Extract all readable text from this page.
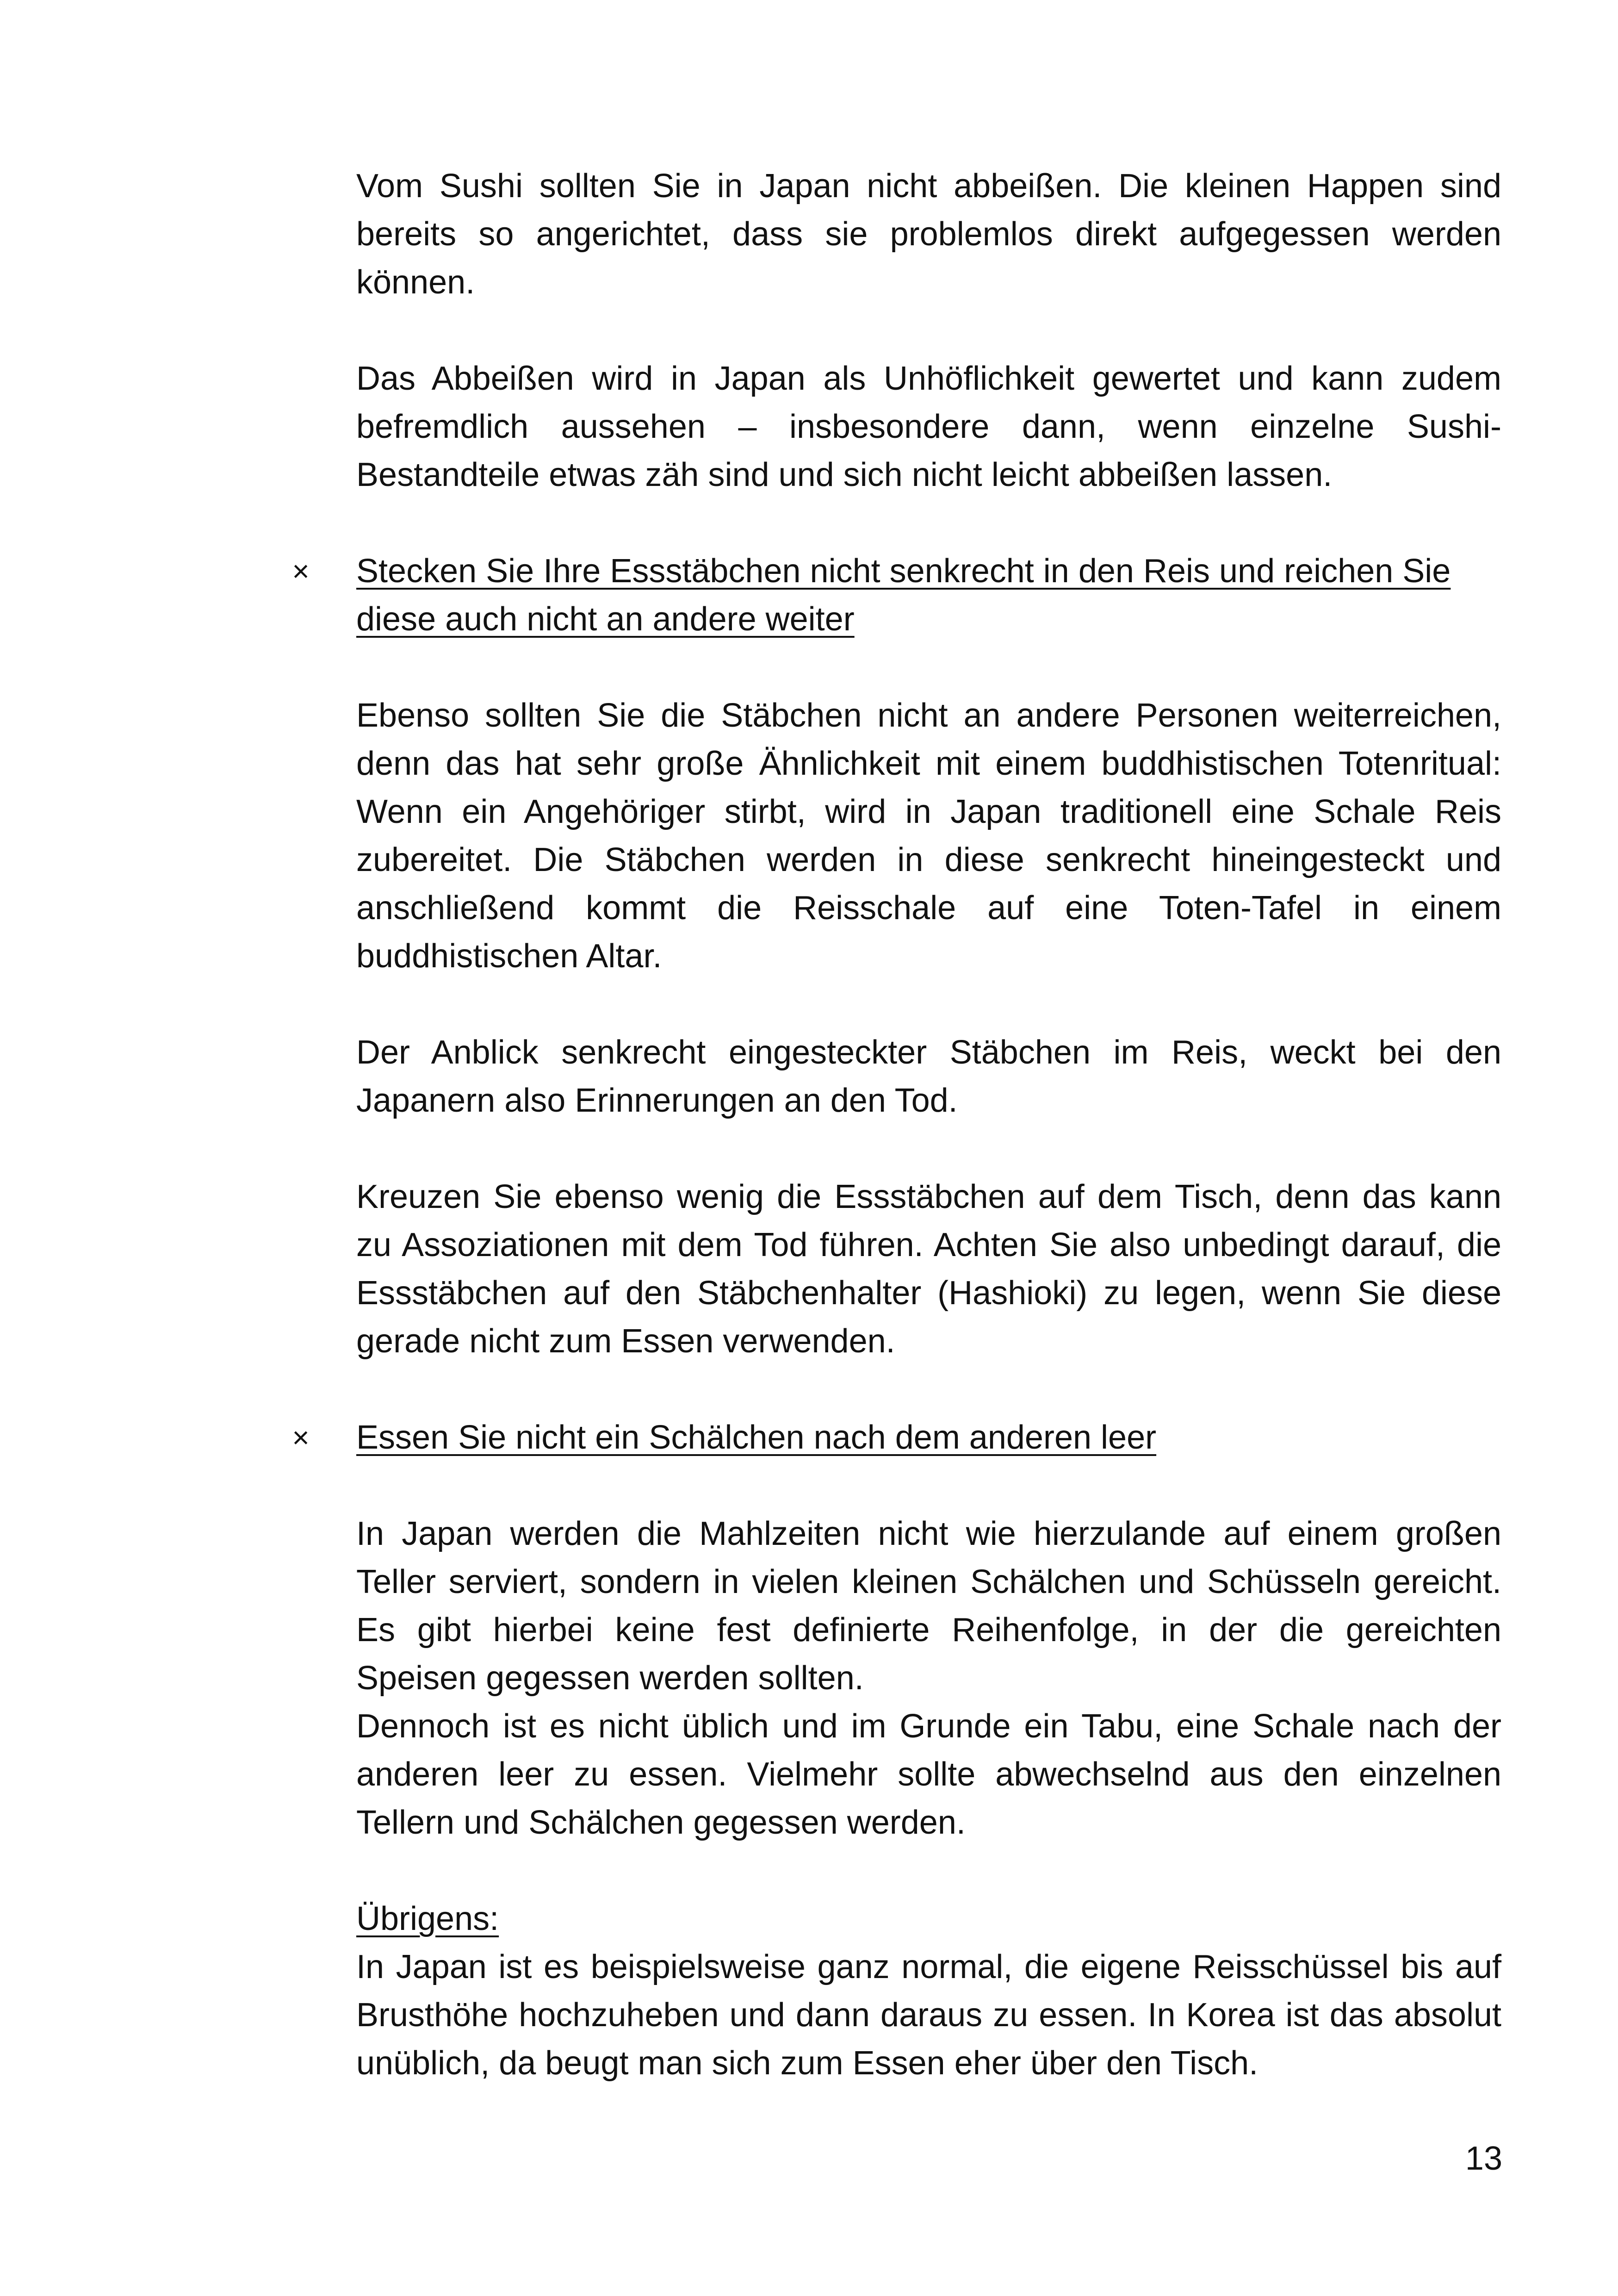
Vom Sushi sollten Sie in Japan nicht abbeißen. Die kleinen Happen sind bereits so angerichtet, dass sie problemlos direkt aufgegessen werden können.

Das Abbeißen wird in Japan als Unhöflichkeit gewertet und kann zudem befremdlich aussehen – insbesondere dann, wenn einzelne Sushi-Bestandteile etwas zäh sind und sich nicht leicht abbeißen lassen.

× Stecken Sie Ihre Essstäbchen nicht senkrecht in den Reis und reichen Sie diese auch nicht an andere weiter

Ebenso sollten Sie die Stäbchen nicht an andere Personen weiterreichen, denn das hat sehr große Ähnlichkeit mit einem buddhistischen Totenritual: Wenn ein Angehöriger stirbt, wird in Japan traditionell eine Schale Reis zubereitet. Die Stäbchen werden in diese senkrecht hineingesteckt und anschließend kommt die Reisschale auf eine Toten-Tafel in einem buddhistischen Altar.

Der Anblick senkrecht eingesteckter Stäbchen im Reis, weckt bei den Japanern also Erinnerungen an den Tod.

Kreuzen Sie ebenso wenig die Essstäbchen auf dem Tisch, denn das kann zu Assoziationen mit dem Tod führen. Achten Sie also unbedingt darauf, die Essstäbchen auf den Stäbchenhalter (Hashioki) zu legen, wenn Sie diese gerade nicht zum Essen verwenden.

× Essen Sie nicht ein Schälchen nach dem anderen leer

In Japan werden die Mahlzeiten nicht wie hierzulande auf einem großen Teller serviert, sondern in vielen kleinen Schälchen und Schüsseln gereicht. Es gibt hierbei keine fest definierte Reihenfolge, in der die gereichten Speisen gegessen werden sollten.

Dennoch ist es nicht üblich und im Grunde ein Tabu, eine Schale nach der anderen leer zu essen. Vielmehr sollte abwechselnd aus den einzelnen Tellern und Schälchen gegessen werden.

Übrigens:
In Japan ist es beispielsweise ganz normal, die eigene Reisschüssel bis auf Brusthöhe hochzuheben und dann daraus zu essen. In Korea ist das absolut unüblich, da beugt man sich zum Essen eher über den Tisch.
13
